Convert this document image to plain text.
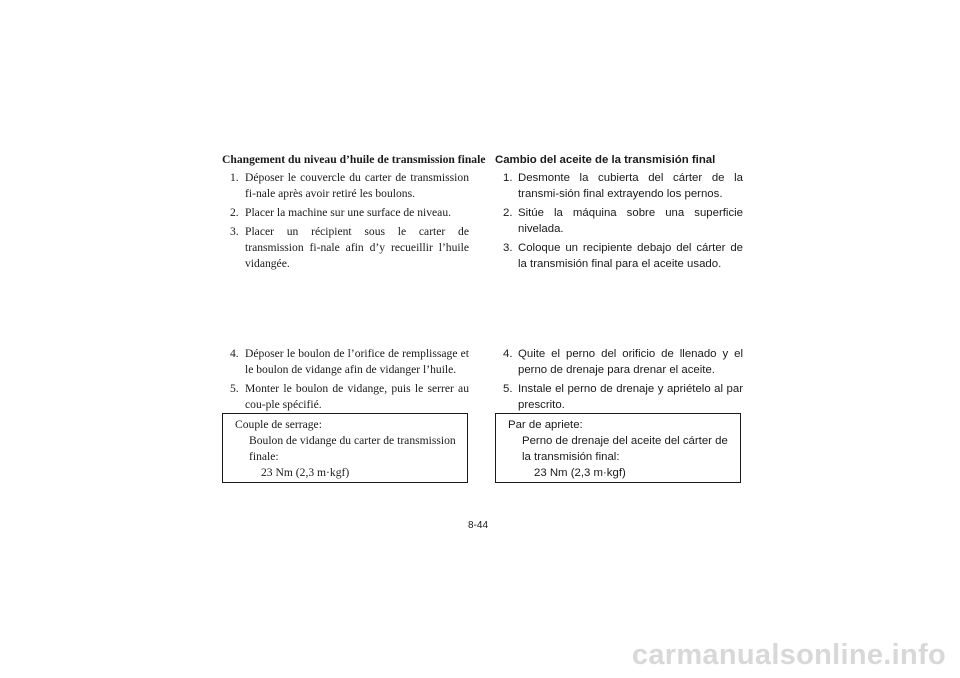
Changement du niveau d’huile de transmission finale
1. Déposer le couvercle du carter de transmission fi-nale après avoir retiré les boulons.
2. Placer la machine sur une surface de niveau.
3. Placer un récipient sous le carter de transmission fi-nale afin d’y recueillir l’huile vidangée.
Cambio del aceite de la transmisión final
1. Desmonte la cubierta del cárter de la transmi-sión final extrayendo los pernos.
2. Sitúe la máquina sobre una superficie nivelada.
3. Coloque un recipiente debajo del cárter de la transmisión final para el aceite usado.
4. Déposer le boulon de l’orifice de remplissage et le boulon de vidange afin de vidanger l’huile.
5. Monter le boulon de vidange, puis le serrer au cou-ple spécifié.
4. Quite el perno del orificio de llenado y el perno de drenaje para drenar el aceite.
5. Instale el perno de drenaje y apriételo al par prescrito.
Couple de serrage:
Boulon de vidange du carter de transmission finale:
23 Nm (2,3 m·kgf)
Par de apriete:
Perno de drenaje del aceite del cárter de la transmisión final:
23 Nm (2,3 m·kgf)
8-44
carmanualsonline.info
